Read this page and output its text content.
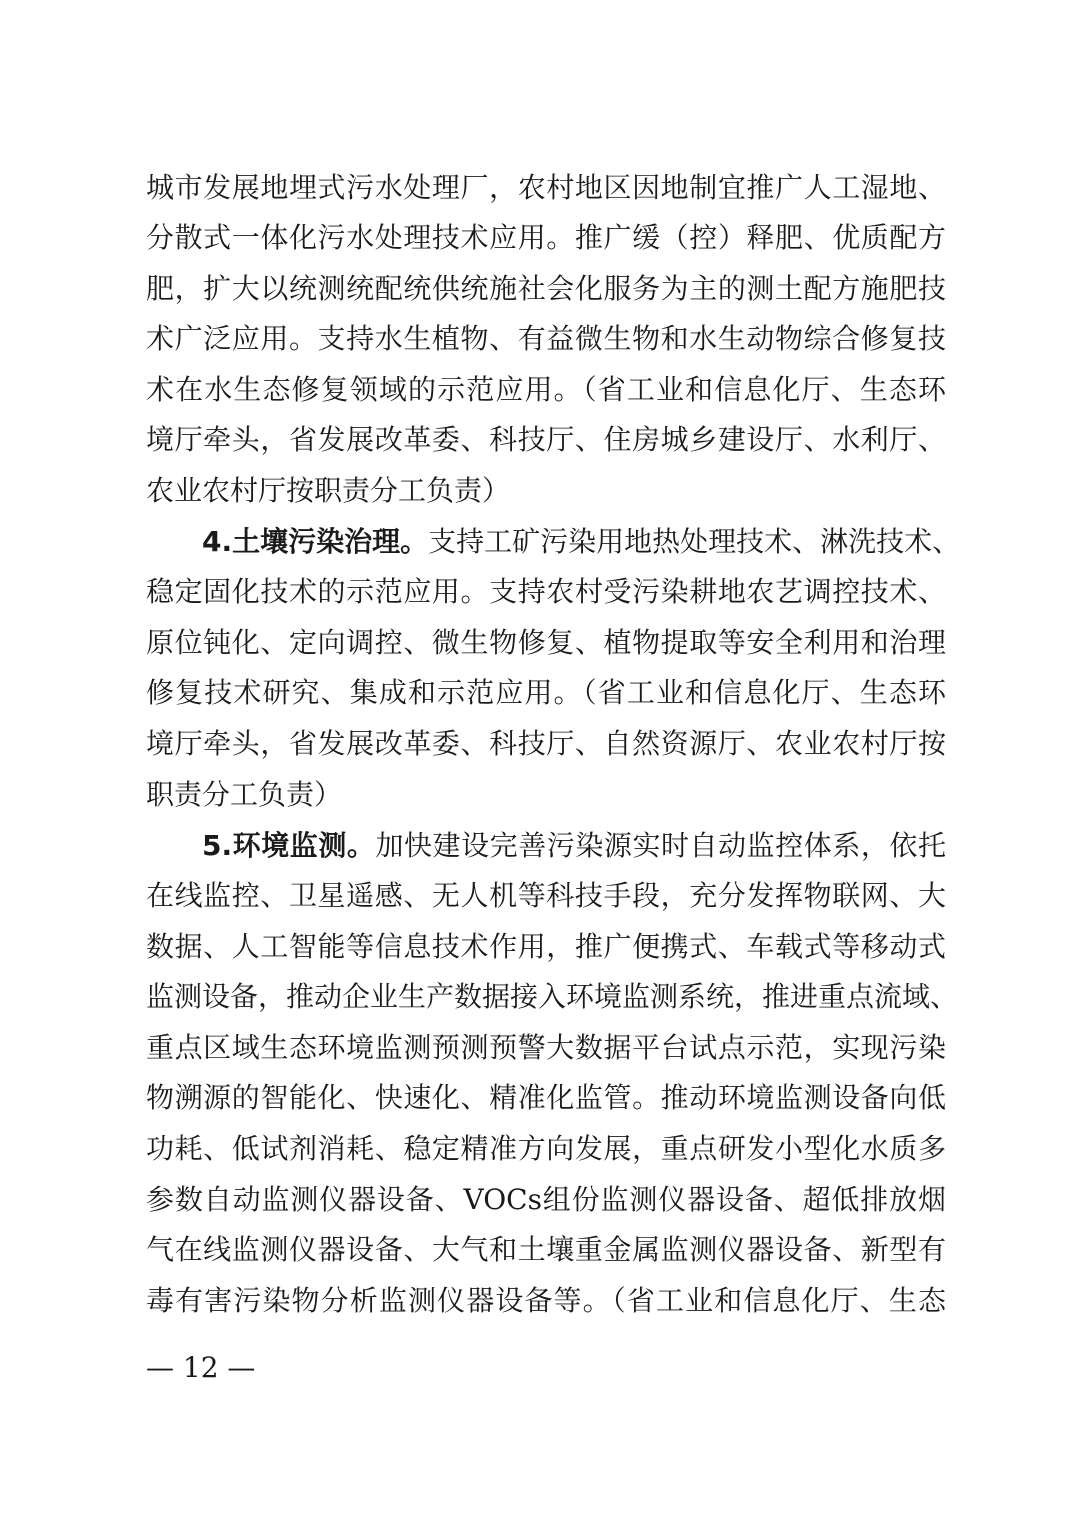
城市发展地埋式污水处理厂，农村地区因地制宜推广人工湿地、
分散式一体化污水处理技术应用。推广缓（控）释肥、优质配方
肥，扩大以统测统配统供统施社会化服务为主的测土配方施肥技
术广泛应用。支持水生植物、有益微生物和水生动物综合修复技
术在水生态修复领域的示范应用。（省工业和信息化厅、生态环
境厅牵头，省发展改革委、科技厅、住房城乡建设厅、水利厅、
农业农村厅按职责分工负责）
4.土壤污染治理。支持工矿污染用地热处理技术、淋洗技术、
稳定固化技术的示范应用。支持农村受污染耕地农艺调控技术、
原位钝化、定向调控、微生物修复、植物提取等安全利用和治理
修复技术研究、集成和示范应用。（省工业和信息化厅、生态环
境厅牵头，省发展改革委、科技厅、自然资源厅、农业农村厅按
职责分工负责）
5.环境监测。加快建设完善污染源实时自动监控体系，依托
在线监控、卫星遥感、无人机等科技手段，充分发挥物联网、大
数据、人工智能等信息技术作用，推广便携式、车载式等移动式
监测设备，推动企业生产数据接入环境监测系统，推进重点流域、
重点区域生态环境监测预测预警大数据平台试点示范，实现污染
物溯源的智能化、快速化、精准化监管。推动环境监测设备向低
功耗、低试剂消耗、稳定精准方向发展，重点研发小型化水质多
参数自动监测仪器设备、VOCs组份监测仪器设备、超低排放烟
气在线监测仪器设备、大气和土壤重金属监测仪器设备、新型有
毒有害污染物分析监测仪器设备等。（省工业和信息化厅、生态
— 12 —
